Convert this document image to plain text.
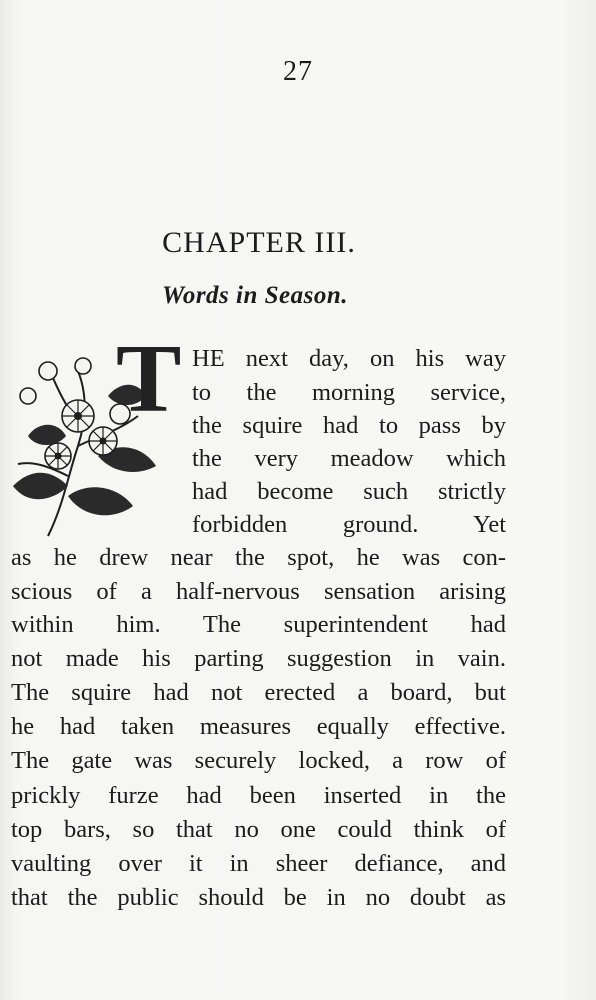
27
CHAPTER III.
Words in Season.
T HE next day, on his way
to the morning service,
the squire had to pass by
the very meadow which
had become such strictly
forbidden ground. Yet
as he drew near the spot, he was con-
scious of a half-nervous sensation arising
within him. The superintendent had
not made his parting suggestion in vain.
The squire had not erected a board, but
he had taken measures equally effective.
The gate was securely locked, a row of
prickly furze had been inserted in the
top bars, so that no one could think of
vaulting over it in sheer defiance, and
that the public should be in no doubt as
